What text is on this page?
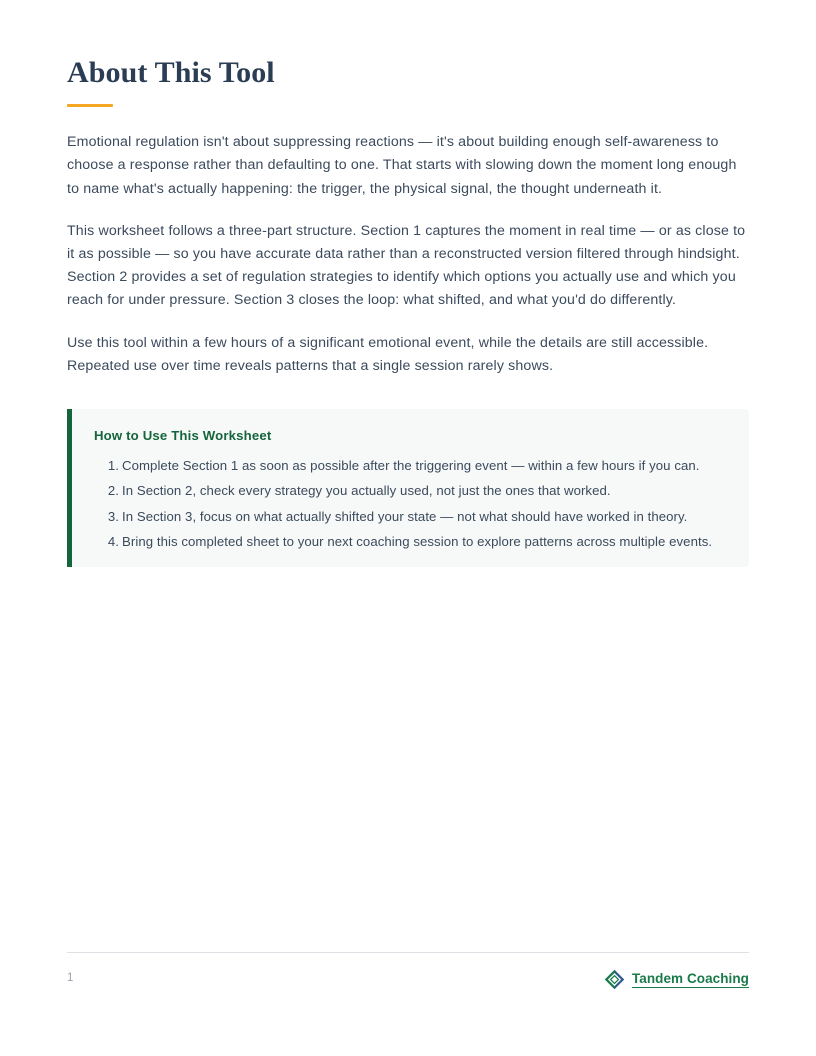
About This Tool

Emotional regulation isn't about suppressing reactions — it's about building enough self-awareness to choose a response rather than defaulting to one. That starts with slowing down the moment long enough to name what's actually happening: the trigger, the physical signal, the thought underneath it.

This worksheet follows a three-part structure. Section 1 captures the moment in real time — or as close to it as possible — so you have accurate data rather than a reconstructed version filtered through hindsight. Section 2 provides a set of regulation strategies to identify which options you actually use and which you reach for under pressure. Section 3 closes the loop: what shifted, and what you'd do differently.

Use this tool within a few hours of a significant emotional event, while the details are still accessible. Repeated use over time reveals patterns that a single session rarely shows.

How to Use This Worksheet

Complete Section 1 as soon as possible after the triggering event — within a few hours if you can.
In Section 2, check every strategy you actually used, not just the ones that worked.
In Section 3, focus on what actually shifted your state — not what should have worked in theory.
Bring this completed sheet to your next coaching session to explore patterns across multiple events.
1	Tandem Coaching
